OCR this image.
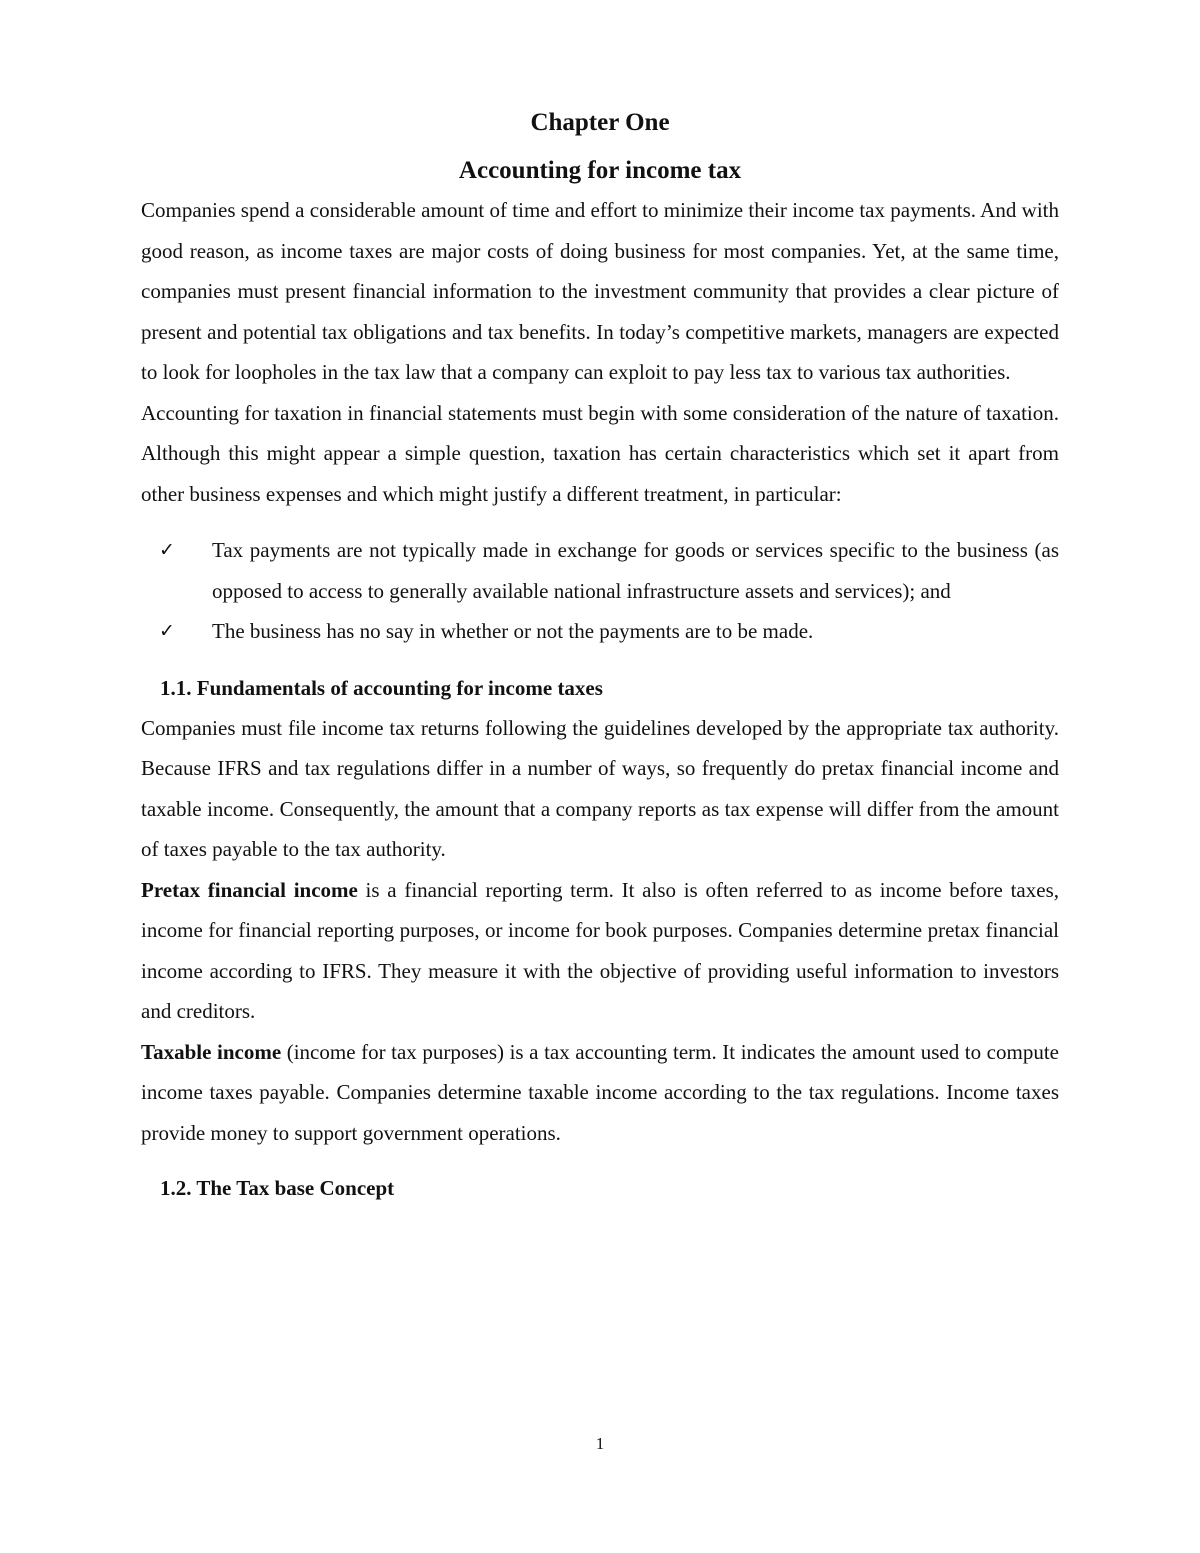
Chapter One
Accounting for income tax

Companies spend a considerable amount of time and effort to minimize their income tax payments. And with good reason, as income taxes are major costs of doing business for most companies. Yet, at the same time, companies must present financial information to the investment community that provides a clear picture of present and potential tax obligations and tax benefits. In today’s competitive markets, managers are expected to look for loopholes in the tax law that a company can exploit to pay less tax to various tax authorities.

Accounting for taxation in financial statements must begin with some consideration of the nature of taxation. Although this might appear a simple question, taxation has certain characteristics which set it apart from other business expenses and which might justify a different treatment, in particular:

✓ Tax payments are not typically made in exchange for goods or services specific to the business (as opposed to access to generally available national infrastructure assets and services); and
✓ The business has no say in whether or not the payments are to be made.
1.1. Fundamentals of accounting for income taxes

Companies must file income tax returns following the guidelines developed by the appropriate tax authority. Because IFRS and tax regulations differ in a number of ways, so frequently do pretax financial income and taxable income. Consequently, the amount that a company reports as tax expense will differ from the amount of taxes payable to the tax authority.

Pretax financial income is a financial reporting term. It also is often referred to as income before taxes, income for financial reporting purposes, or income for book purposes. Companies determine pretax financial income according to IFRS. They measure it with the objective of providing useful information to investors and creditors.

Taxable income (income for tax purposes) is a tax accounting term. It indicates the amount used to compute income taxes payable. Companies determine taxable income according to the tax regulations. Income taxes provide money to support government operations.

1.2. The Tax base Concept
1
